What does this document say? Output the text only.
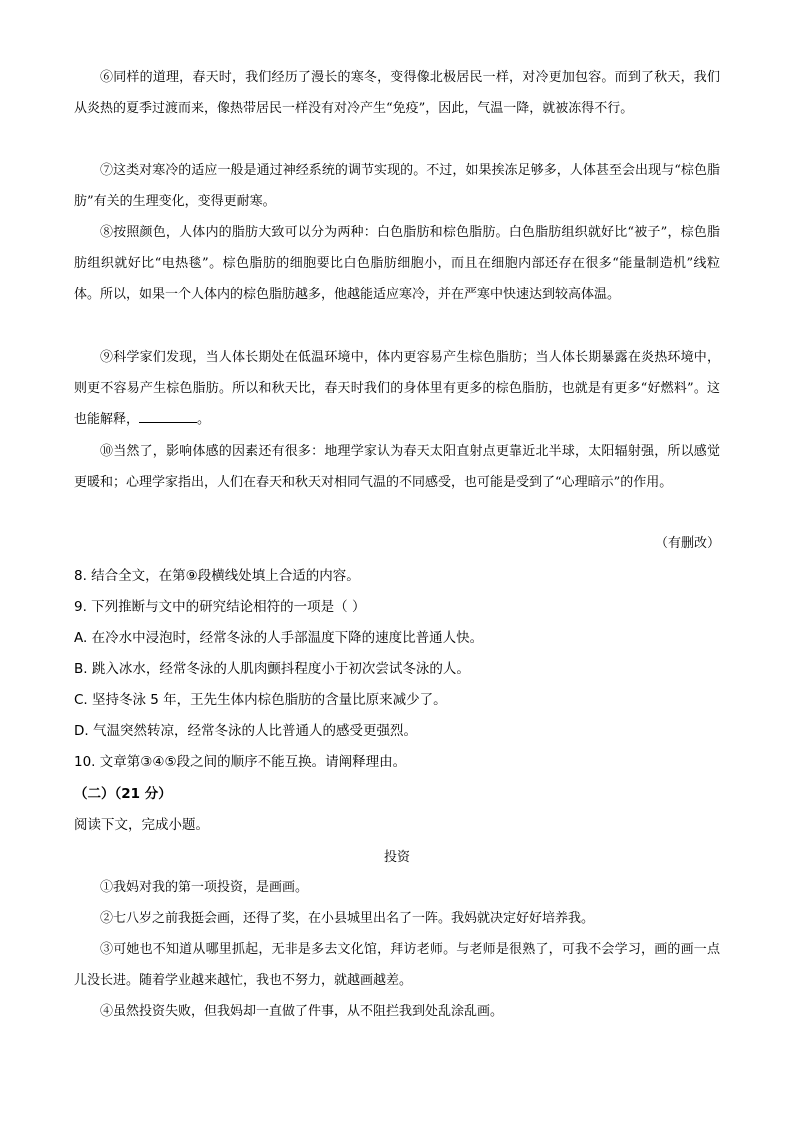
⑥同样的道理，春天时，我们经历了漫长的寒冬，变得像北极居民一样，对冷更加包容。而到了秋天，我们从炎热的夏季过渡而来，像热带居民一样没有对冷产生“免疫”，因此，气温一降，就被冻得不行。
⑦这类对寒冷的适应一般是通过神经系统的调节实现的。不过，如果挨冻足够多，人体甚至会出现与“棕色脂肪”有关的生理变化，变得更耐寒。
⑧按照颜色，人体内的脂肪大致可以分为两种：白色脂肪和棕色脂肪。白色脂肪组织就好比“被子”，棕色脂肪组织就好比“电热毯”。棕色脂肪的细胞要比白色脂肪细胞小，而且在细胞内部还存在很多“能量制造机”线粒体。所以，如果一个人体内的棕色脂肪越多，他越能适应寒冷，并在严寒中快速达到较高体温。
⑨科学家们发现，当人体长期处在低温环境中，体内更容易产生棕色脂肪；当人体长期暴露在炎热环境中，则更不容易产生棕色脂肪。所以和秋天比，春天时我们的身体里有更多的棕色脂肪，也就是有更多“好燃料”。这也能解释，	。
⑩当然了，影响体感的因素还有很多：地理学家认为春天太阳直射点更靠近北半球，太阳辐射强，所以感觉更暖和；心理学家指出，人们在春天和秋天对相同气温的不同感受，也可能是受到了“心理暗示”的作用。
（有删改）
8. 结合全文，在第⑨段横线处填上合适的内容。
9. 下列推断与文中的研究结论相符的一项是（ ）
A. 在冷水中浸泡时，经常冬泳的人手部温度下降的速度比普通人快。
B. 跳入冰水，经常冬泳的人肌肉颤抖程度小于初次尝试冬泳的人。
C. 坚持冬泳 5 年，王先生体内棕色脂肪的含量比原来减少了。
D. 气温突然转凉，经常冬泳的人比普通人的感受更强烈。
10. 文章第③④⑤段之间的顺序不能互换。请阐释理由。
（二）（21 分）
阅读下文，完成小题。
投资
①我妈对我的第一项投资，是画画。
②七八岁之前我挺会画，还得了奖，在小县城里出名了一阵。我妈就决定好好培养我。
③可她也不知道从哪里抓起，无非是多去文化馆，拜访老师。与老师是很熟了，可我不会学习，画的画一点儿没长进。随着学业越来越忙，我也不努力，就越画越差。
④虽然投资失败，但我妈却一直做了件事，从不阻拦我到处乱涂乱画。
